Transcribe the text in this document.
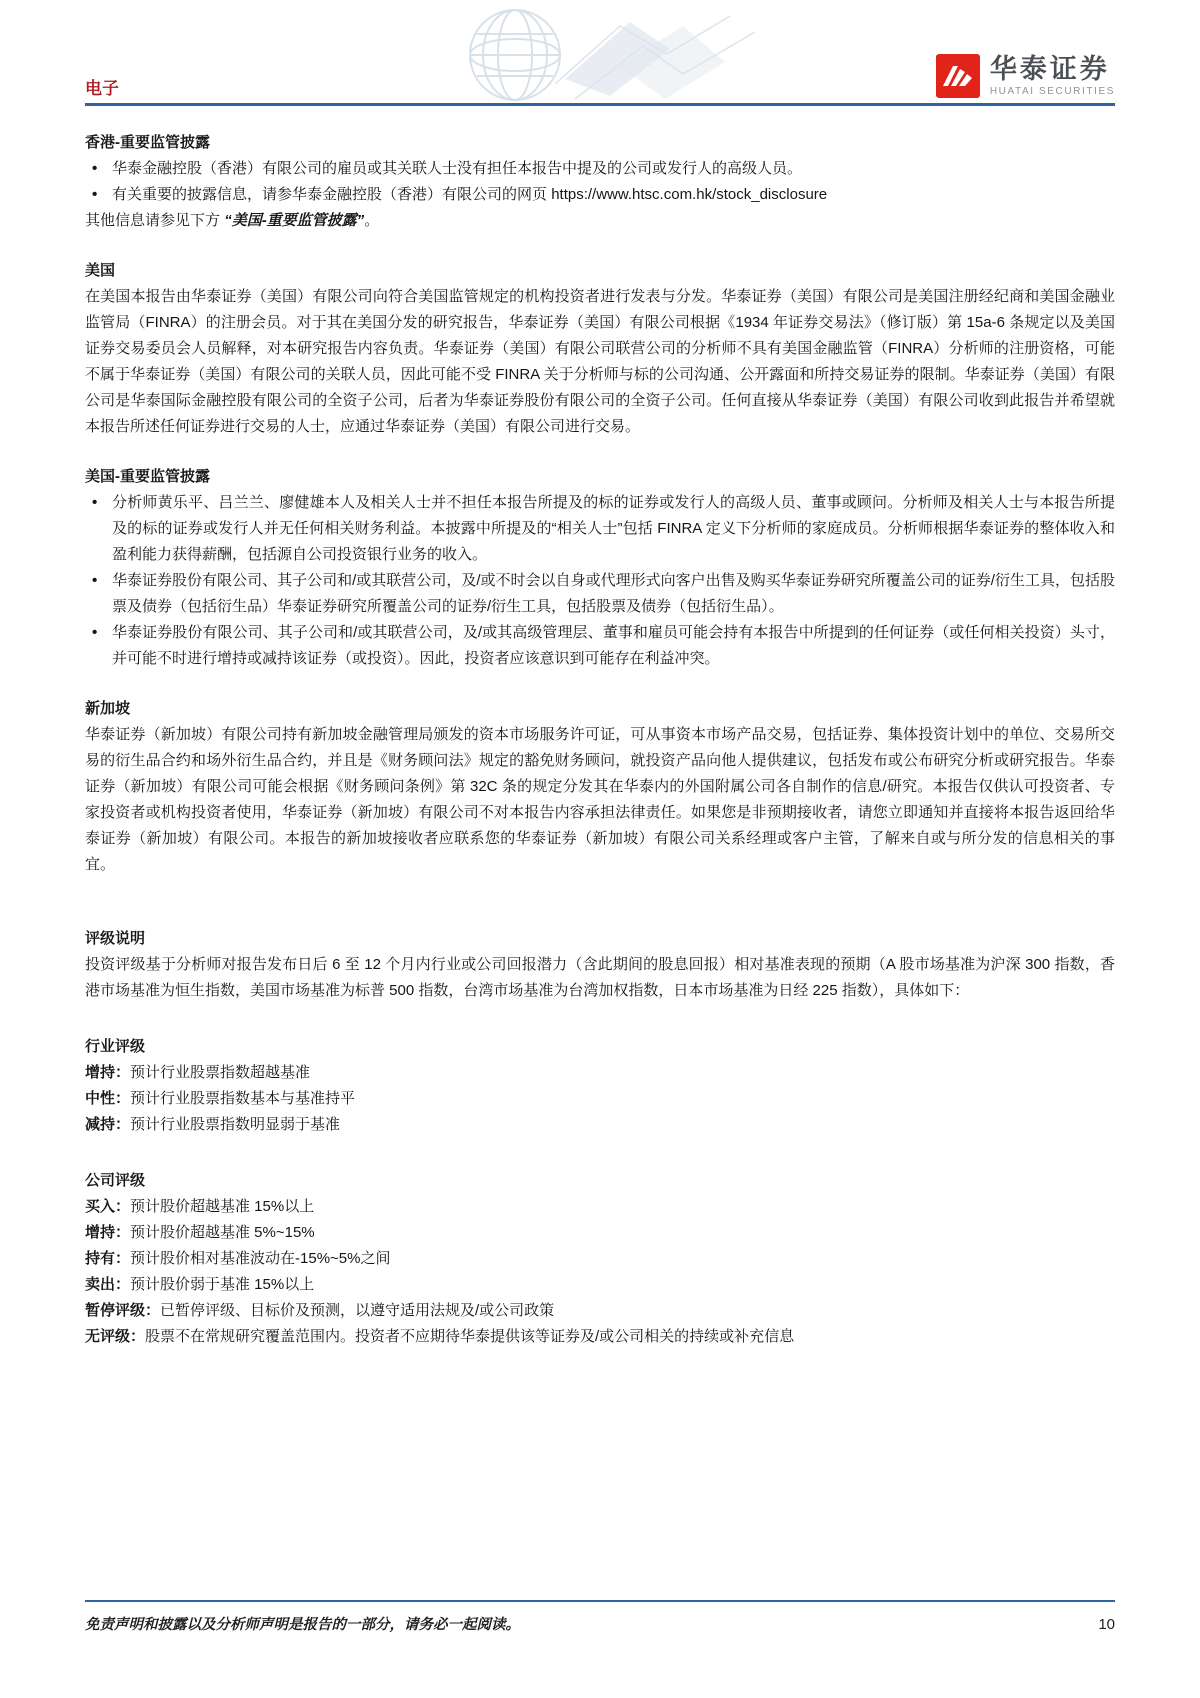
电子
华泰证券
HUATAI SECURITIES
香港-重要监管披露
• 华泰金融控股（香港）有限公司的雇员或其关联人士没有担任本报告中提及的公司或发行人的高级人员。
• 有关重要的披露信息，请参华泰金融控股（香港）有限公司的网页 https://www.htsc.com.hk/stock_disclosure

其他信息请参见下方 “美国-重要监管披露”。

美国

在美国本报告由华泰证券（美国）有限公司向符合美国监管规定的机构投资者进行发表与分发。华泰证券（美国）有限公司是美国注册经纪商和美国金融业监管局（FINRA）的注册会员。对于其在美国分发的研究报告，华泰证券（美国）有限公司根据《1934 年证券交易法》（修订版）第 15a-6 条规定以及美国证券交易委员会人员解释，对本研究报告内容负责。华泰证券（美国）有限公司联营公司的分析师不具有美国金融监管（FINRA）分析师的注册资格，可能不属于华泰证券（美国）有限公司的关联人员，因此可能不受 FINRA 关于分析师与标的公司沟通、公开露面和所持交易证券的限制。华泰证券（美国）有限公司是华泰国际金融控股有限公司的全资子公司，后者为华泰证券股份有限公司的全资子公司。任何直接从华泰证券（美国）有限公司收到此报告并希望就本报告所述任何证券进行交易的人士，应通过华泰证券（美国）有限公司进行交易。

美国-重要监管披露
• 分析师黄乐平、吕兰兰、廖健雄本人及相关人士并不担任本报告所提及的标的证券或发行人的高级人员、董事或顾问。分析师及相关人士与本报告所提及的标的证券或发行人并无任何相关财务利益。本披露中所提及的“相关人士”包括 FINRA 定义下分析师的家庭成员。分析师根据华泰证券的整体收入和盈利能力获得薪酬，包括源自公司投资银行业务的收入。
• 华泰证券股份有限公司、其子公司和/或其联营公司，及/或不时会以自身或代理形式向客户出售及购买华泰证券研究所覆盖公司的证券/衍生工具，包括股票及债券（包括衍生品）华泰证券研究所覆盖公司的证券/衍生工具，包括股票及债券（包括衍生品）。
• 华泰证券股份有限公司、其子公司和/或其联营公司，及/或其高级管理层、董事和雇员可能会持有本报告中所提到的任何证券（或任何相关投资）头寸，并可能不时进行增持或减持该证券（或投资）。因此，投资者应该意识到可能存在利益冲突。
新加坡

华泰证券（新加坡）有限公司持有新加坡金融管理局颁发的资本市场服务许可证，可从事资本市场产品交易，包括证券、集体投资计划中的单位、交易所交易的衍生品合约和场外衍生品合约，并且是《财务顾问法》规定的豁免财务顾问，就投资产品向他人提供建议，包括发布或公布研究分析或研究报告。华泰证券（新加坡）有限公司可能会根据《财务顾问条例》第 32C 条的规定分发其在华泰内的外国附属公司各自制作的信息/研究。本报告仅供认可投资者、专家投资者或机构投资者使用，华泰证券（新加坡）有限公司不对本报告内容承担法律责任。如果您是非预期接收者，请您立即通知并直接将本报告返回给华泰证券（新加坡）有限公司。本报告的新加坡接收者应联系您的华泰证券（新加坡）有限公司关系经理或客户主管，了解来自或与所分发的信息相关的事宜。

评级说明

投资评级基于分析师对报告发布日后 6 至 12 个月内行业或公司回报潜力（含此期间的股息回报）相对基准表现的预期（A 股市场基准为沪深 300 指数，香港市场基准为恒生指数，美国市场基准为标普 500 指数，台湾市场基准为台湾加权指数，日本市场基准为日经 225 指数），具体如下：

行业评级

增持：预计行业股票指数超越基准

中性：预计行业股票指数基本与基准持平

减持：预计行业股票指数明显弱于基准

公司评级

买入：预计股价超越基准 15%以上

增持：预计股价超越基准 5%~15%

持有：预计股价相对基准波动在-15%~5%之间

卖出：预计股价弱于基准 15%以上

暂停评级：已暂停评级、目标价及预测，以遵守适用法规及/或公司政策

无评级：股票不在常规研究覆盖范围内。投资者不应期待华泰提供该等证券及/或公司相关的持续或补充信息

免责声明和披露以及分析师声明是报告的一部分，请务必一起阅读。	10
